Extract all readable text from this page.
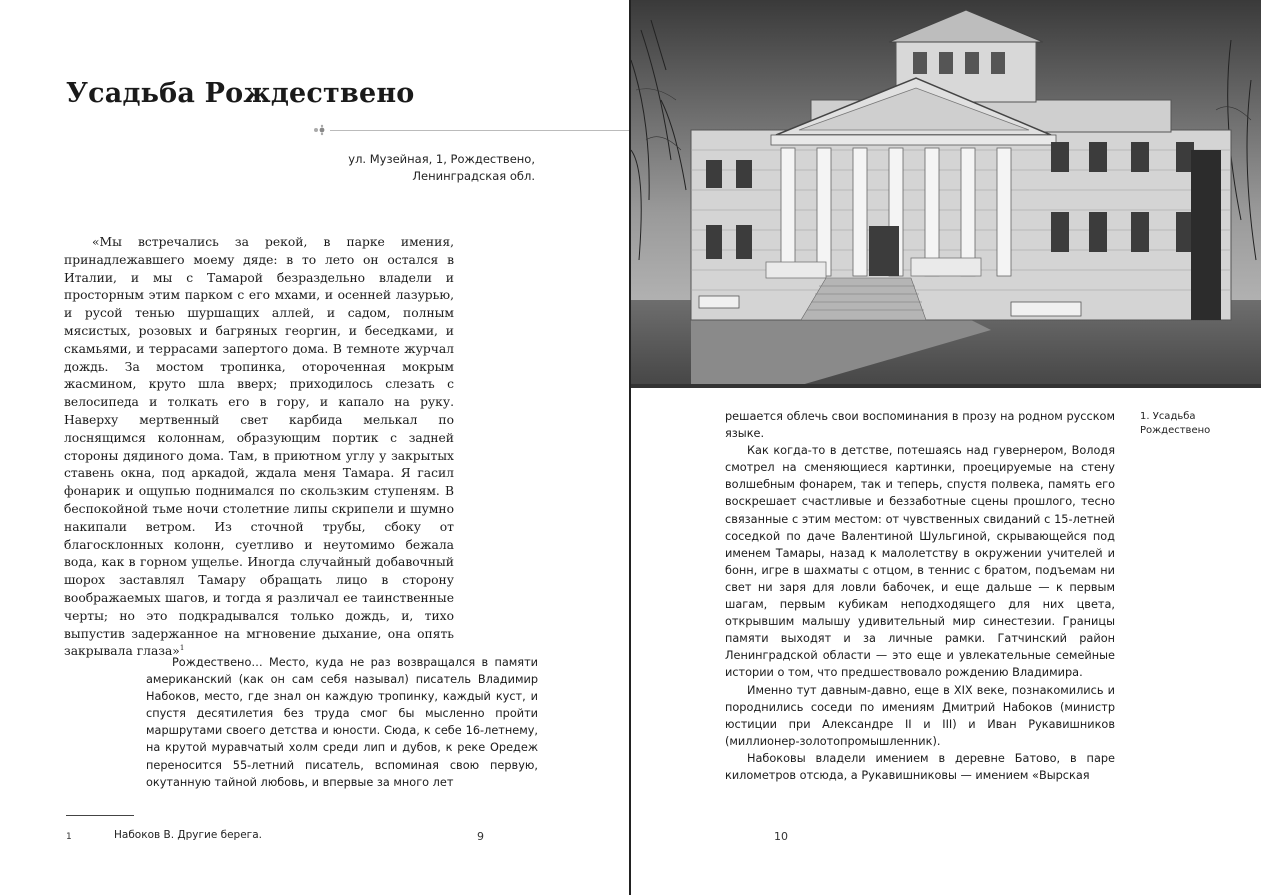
Усадьба Рождествено
ул. Музейная, 1, Рождествено,
Ленинградская обл.

«Мы встречались за рекой, в парке имения, принадлежавшего моему дяде: в то лето он остался в Италии, и мы с Тамарой безраздельно владели и просторным этим парком с его мхами, и осенней лазурью, и русой тенью шуршащих аллей, и садом, полным мясистых, розовых и багряных георгин, и беседками, и скамьями, и террасами запертого дома. В темноте журчал дождь. За мостом тропинка, отороченная мокрым жасмином, круто шла вверх; приходилось слезать с велосипеда и толкать его в гору, и капало на руку. Наверху мертвенный свет карбида мелькал по лоснящимся колоннам, образующим портик с задней стороны дядиного дома. Там, в приютном углу у закрытых ставень окна, под аркадой, ждала меня Тамара. Я гасил фонарик и ощупью поднимался по скользким ступеням. В беспокойной тьме ночи столетние липы скрипели и шумно накипали ветром. Из сточной трубы, сбоку от благосклонных колонн, суетливо и неутомимо бежала вода, как в горном ущелье. Иногда случайный добавочный шорох заставлял Тамару обращать лицо в сторону воображаемых шагов, и тогда я различал ее таинственные черты; но это подкрадывался только дождь, и, тихо выпустив задержанное на мгновение дыхание, она опять закрывала глаза»$^1$

Рождествено… Место, куда не раз возвращался в памяти американский (как он сам себя называл) писатель Владимир Набоков, место, где знал он каждую тропинку, каждый куст, и спустя десятилетия без труда смог бы мысленно пройти маршрутами своего детства и юности. Сюда, к себе 16-летнему, на крутой муравчатый холм среди лип и дубов, к реке Оредеж переносится 55-летний писатель, вспоминая свою первую, окутанную тайной любовь, и впервые за много лет

1	Набоков В. Другие берега.	9

решается облечь свои воспоминания в прозу на родном русском языке.

Как когда-то в детстве, потешаясь над гувернером, Володя смотрел на сменяющиеся картинки, проецируемые на стену волшебным фонарем, так и теперь, спустя полвека, память его воскрешает счастливые и беззаботные сцены прошлого, тесно связанные с этим местом: от чувственных свиданий с 15-летней соседкой по даче Валентиной Шульгиной, скрывающейся под именем Тамары, назад к малолетству в окружении учителей и бонн, игре в шахматы с отцом, в теннис с братом, подъемам ни свет ни заря для ловли бабочек, и еще дальше — к первым шагам, первым кубикам неподходящего для них цвета, открывшим малышу удивительный мир синестезии. Границы памяти выходят и за личные рамки. Гатчинский район Ленинградской области — это еще и увлекательные семейные истории о том, что предшествовало рождению Владимира.

Именно тут давным-давно, еще в XIX веке, познакомились и породнились соседи по имениям Дмитрий Набоков (министр юстиции при Александре II и III) и Иван Рукавишников (миллионер-золотопромышленник).

Набоковы владели имением в деревне Батово, в паре километров отсюда, а Рукавишниковы — имением «Вырская

1. Усадьба Рождествено
10
